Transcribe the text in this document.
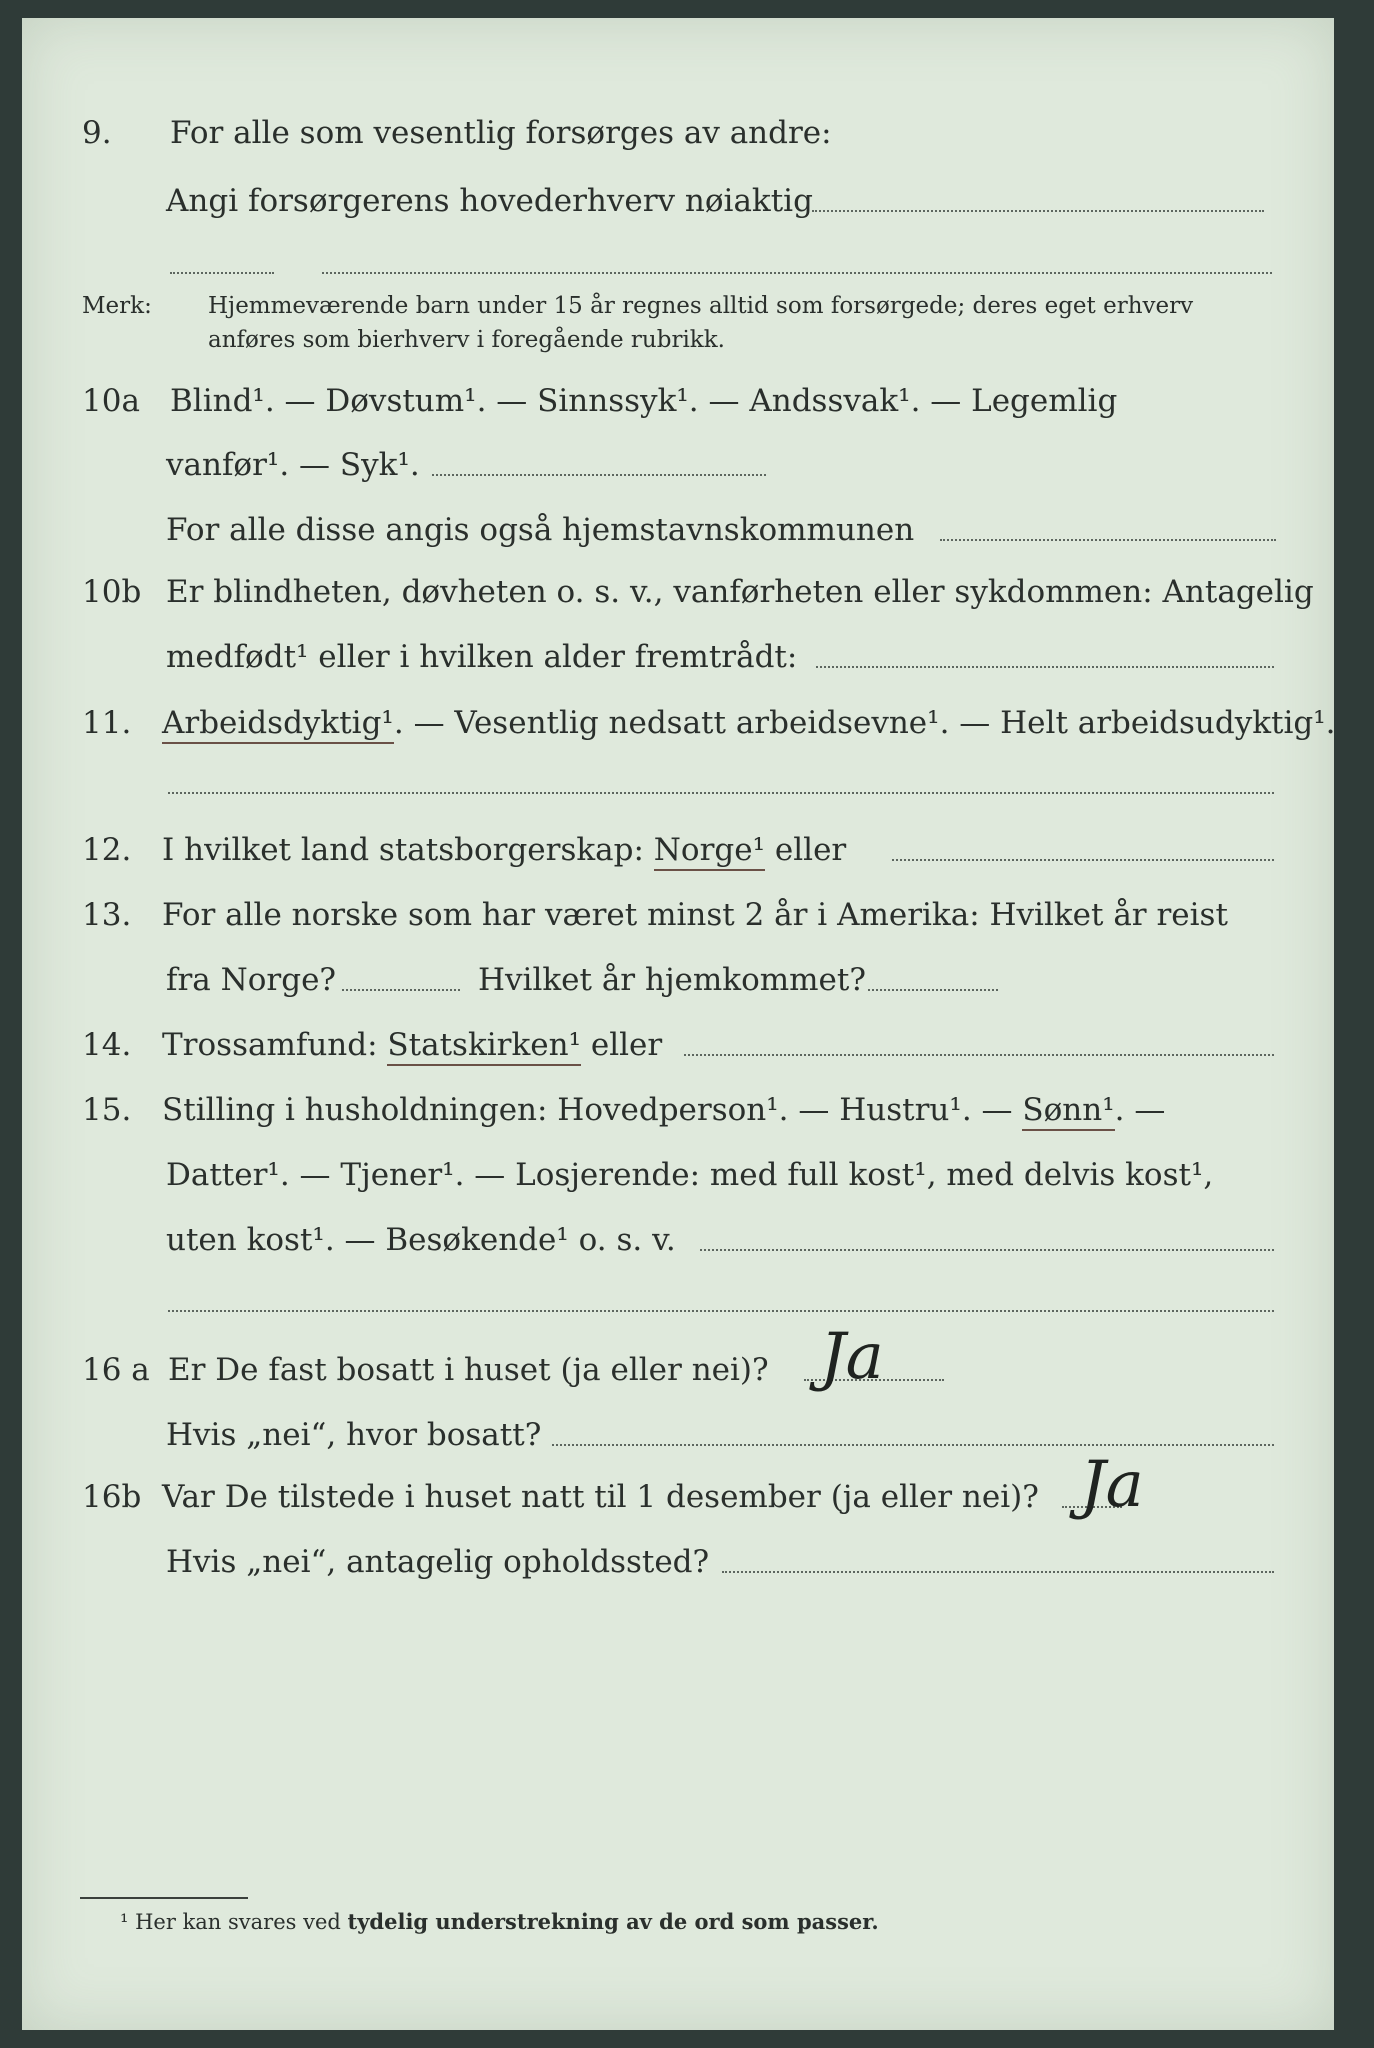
9. For alle som vesentlig forsørges av andre:
Angi forsørgerens hovederhverv nøiaktig
Merk: Hjemmeværende barn under 15 år regnes alltid som forsørgede; deres eget erhverv
anføres som bierhverv i foregående rubrikk.
10a Blind¹. — Døvstum¹. — Sinnssyk¹. — Andssvak¹. — Legemlig
vanfør¹. — Syk¹.
For alle disse angis også hjemstavnskommunen
10b Er blindheten, døvheten o. s. v., vanførheten eller sykdommen: Antagelig
medfødt¹ eller i hvilken alder fremtrådt:
11. Arbeidsdyktig¹. — Vesentlig nedsatt arbeidsevne¹. — Helt arbeidsudyktig¹.
12. I hvilket land statsborgerskap: Norge¹ eller
13. For alle norske som har været minst 2 år i Amerika: Hvilket år reist
fra Norge?	Hvilket år hjemkommet?
14. Trossamfund: Statskirken¹ eller
15. Stilling i husholdningen: Hovedperson¹. — Hustru¹. — Sønn¹. —
Datter¹. — Tjener¹. — Losjerende: med full kost¹, med delvis kost¹,
uten kost¹. — Besøkende¹ o. s. v.
16 a Er De fast bosatt i huset (ja eller nei)? Ja
Hvis „nei“, hvor bosatt?
16b Var De tilstede i huset natt til 1 desember (ja eller nei)? Ja
Hvis „nei“, antagelig opholdssted?
¹ Her kan svares ved tydelig understrekning av de ord som passer.
